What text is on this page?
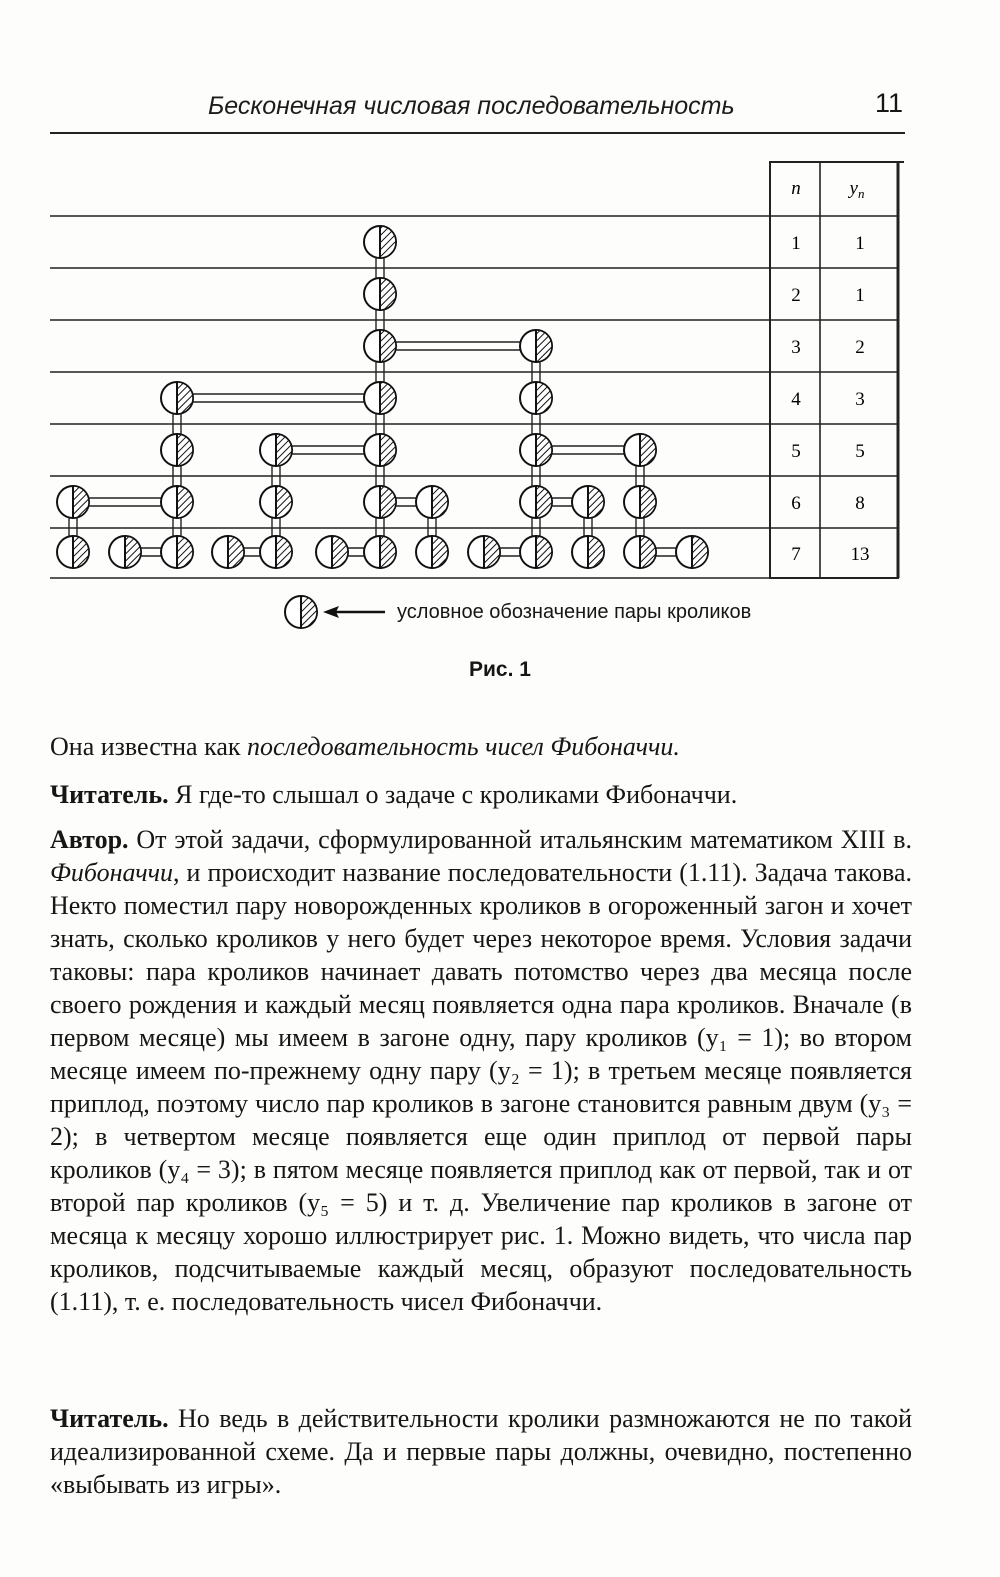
Бесконечная числовая последовательность	11
n	$y_n$
1	1
2	1
3	2
4	3
5	5
6	8
7	13
условное обозначение пары кроликов
Рис. 1

Она известна как последовательность чисел Фибоначчи.

Читатель. Я где-то слышал о задаче с кроликами Фибоначчи.

Автор. От этой задачи, сформулированной итальянским математиком XIII в. Фибоначчи, и происходит название последовательности (1.11). Задача такова. Некто поместил пару новорожденных кроликов в огороженный загон и хочет знать, сколько кроликов у него будет через некоторое время. Условия задачи таковы: пара кроликов начинает давать потомство через два месяца после своего рождения и каждый месяц появляется одна пара кроликов. Вначале (в первом месяце) мы имеем в загоне одну, пару кроликов (y₁ = 1); во втором месяце имеем по-прежнему одну пару (y₂ = 1); в третьем месяце появляется приплод, поэтому число пар кроликов в загоне становится равным двум (y₃ = 2); в четвертом месяце появляется еще один приплод от первой пары кроликов (y₄ = 3); в пятом месяце появляется приплод как от первой, так и от второй пар кроликов (y₅ = 5) и т. д. Увеличение пар кроликов в загоне от месяца к месяцу хорошо иллюстрирует рис. 1. Можно видеть, что числа пар кроликов, подсчитываемые каждый месяц, образуют последовательность (1.11), т. е. последовательность чисел Фибоначчи.

Читатель. Но ведь в действительности кролики размножаются не по такой идеализированной схеме. Да и первые пары должны, очевидно, постепенно «выбывать из игры».
